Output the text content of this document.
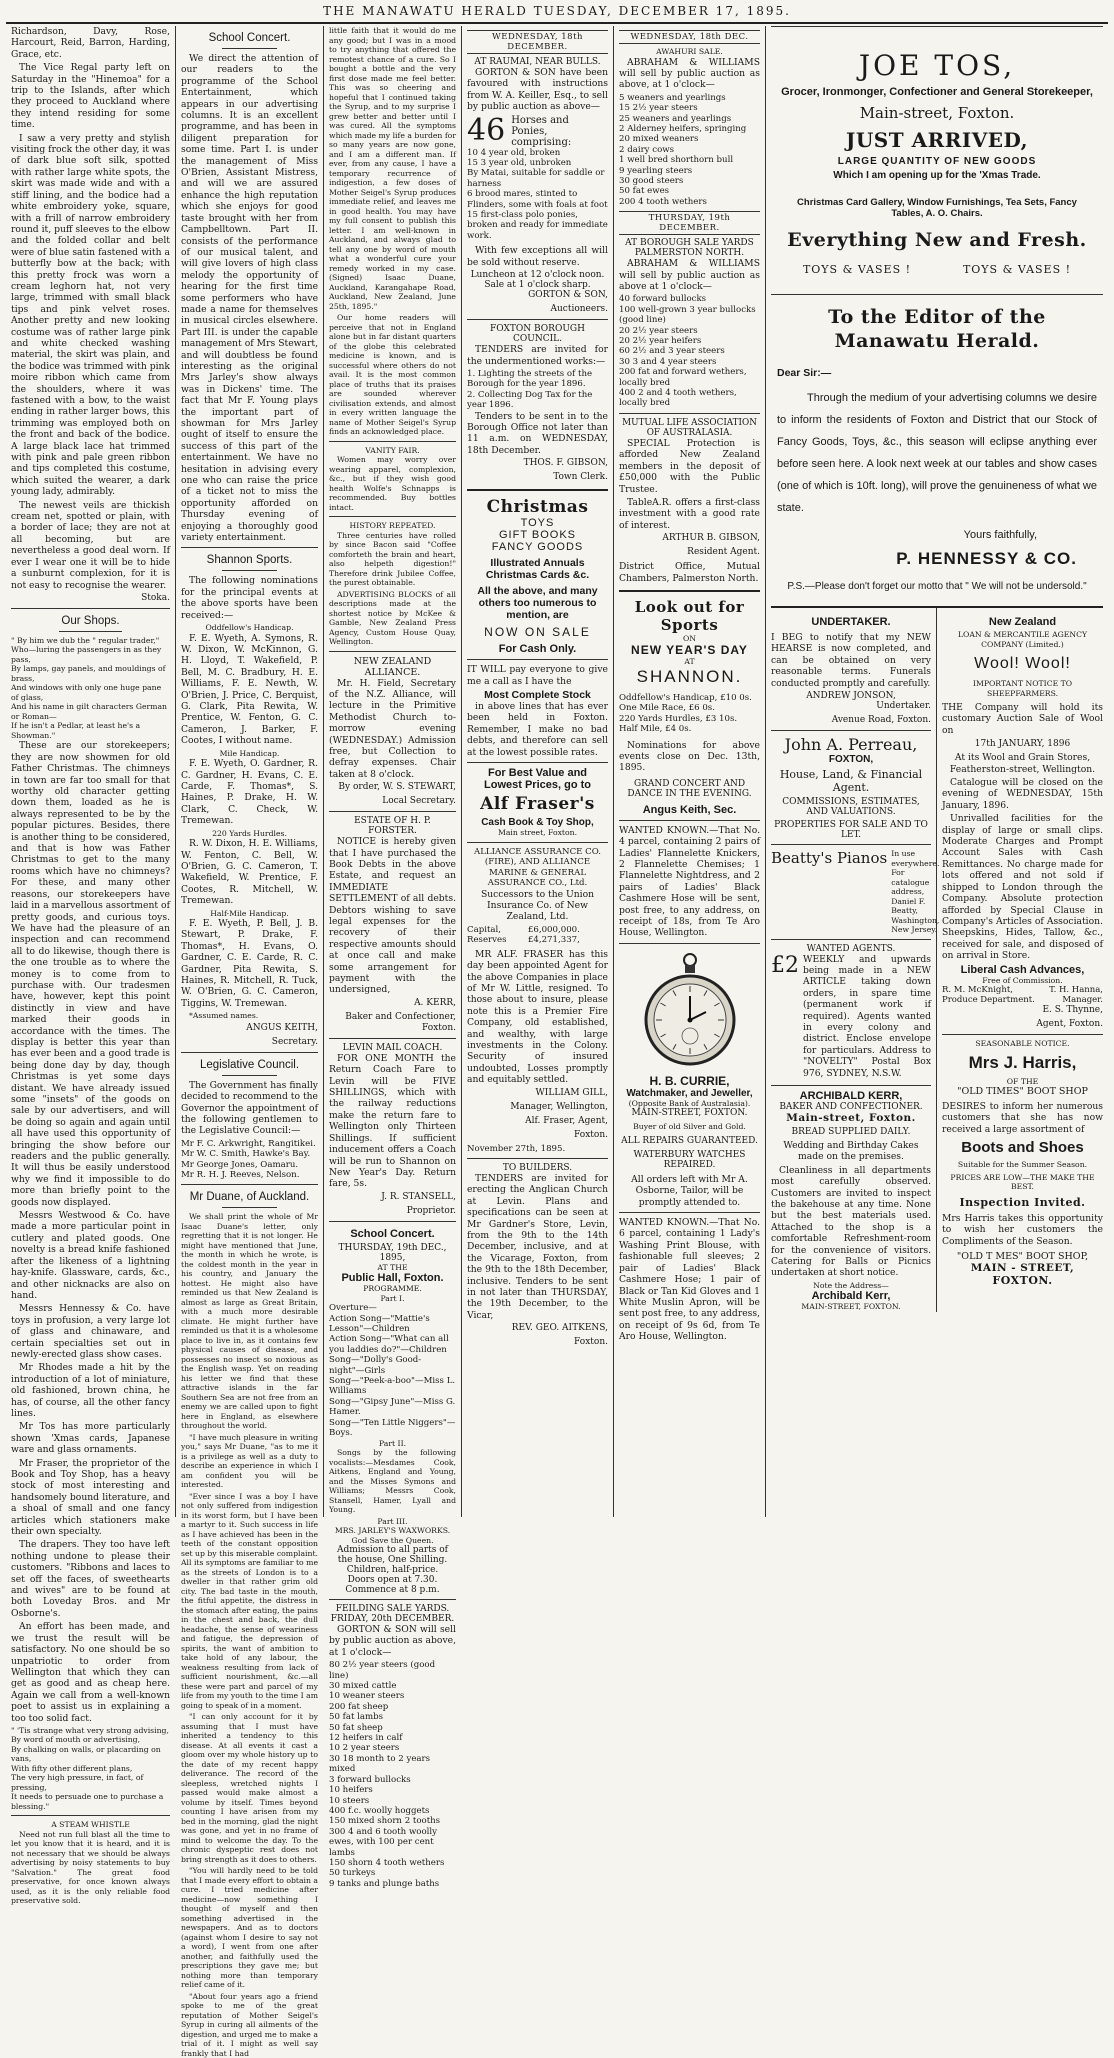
THE MANAWATU HERALD TUESDAY, DECEMBER 17, 1895.

Richardson, Davy, Rose, Harcourt, Reid, Barron, Harding, Grace, etc.

The Vice Regal party left on Saturday in the "Hinemoa" for a trip to the Islands, after which they proceed to Auckland where they intend residing for some time.

I saw a very pretty and stylish visiting frock the other day, it was of dark blue soft silk, spotted with rather large white spots, the skirt was made wide and with a stiff lining, and the bodice had a white embroidery yoke, square, with a frill of narrow embroidery round it, puff sleeves to the elbow and the folded collar and belt were of blue satin fastened with a butterfly bow at the back; with this pretty frock was worn a cream leghorn hat, not very large, trimmed with small black tips and pink velvet roses. Another pretty and new looking costume was of rather large pink and white checked washing material, the skirt was plain, and the bodice was trimmed with pink moire ribbon which came from the shoulders, where it was fastened with a bow, to the waist ending in rather larger bows, this trimming was employed both on the front and back of the bodice. A large black lace hat trimmed with pink and pale green ribbon and tips completed this costume, which suited the wearer, a dark young lady, admirably.

The newest veils are thickish cream net, spotted or plain, with a border of lace; they are not at all becoming, but are nevertheless a good deal worn. If ever I wear one it will be to hide a sunburnt complexion, for it is not easy to recognise the wearer.

Stoka.
Our Shops.
" By him we dub the " regular trader,"
Who—luring the passengers in as they pass,
By lamps, gay panels, and mouldings of brass,
And windows with only one huge pane of glass,
And his name in gilt characters German or Roman—
If he isn't a Pedlar, at least he's a Showman."

These are our storekeepers; they are now showmen for old Father Christmas. The chimneys in town are far too small for that worthy old character getting down them, loaded as he is always represented to be by the popular pictures. Besides, there is another thing to be considered, and that is how was Father Christmas to get to the many rooms which have no chimneys? For these, and many other reasons, our storekeepers have laid in a marvellous assortment of pretty goods, and curious toys. We have had the pleasure of an inspection and can recommend all to do likewise, though there is the one trouble as to where the money is to come from to purchase with. Our tradesmen have, however, kept this point distinctly in view and have marked their goods in accordance with the times. The display is better this year than has ever been and a good trade is being done day by day, though Christmas is yet some days distant. We have already issued some "insets" of the goods on sale by our advertisers, and will be doing so again and again until all have used this opportunity of bringing the show before our readers and the public generally. It will thus be easily understood why we find it impossible to do more than briefly point to the goods now displayed.

Messrs Westwood & Co. have made a more particular point in cutlery and plated goods. One novelty is a bread knife fashioned after the likeness of a lightning hay-knife. Glassware, cards, &c., and other nicknacks are also on hand.

Messrs Hennessy & Co. have toys in profusion, a very large lot of glass and chinaware, and certain specialties set out in newly-erected glass show cases.

Mr Rhodes made a hit by the introduction of a lot of miniature, old fashioned, brown china, he has, of course, all the other fancy lines.

Mr Tos has more particularly shown 'Xmas cards, Japanese ware and glass ornaments.

Mr Fraser, the proprietor of the Book and Toy Shop, has a heavy stock of most interesting and handsomely bound literature, and a shoal of small and one fancy articles which stationers make their own specialty.

The drapers. They too have left nothing undone to please their customers. "Ribbons and laces to set off the faces, of sweethearts and wives" are to be found at both Loveday Bros. and Mr Osborne's.

An effort has been made, and we trust the result will be satisfactory. No one should be so unpatriotic to order from Wellington that which they can get as good and as cheap here. Again we call from a well-known poet to assist us in explaining a too too solid fact.

" 'Tis strange what very strong advising,
By word of mouth or advertising,
By chalking on walls, or placarding on vans,
With fifty other different plans,
The very high pressure, in fact, of pressing,
It needs to persuade one to purchase a blessing."
A STEAM WHISTLE

Need not run full blast all the time to let you know that it is heard, and it is not necessary that we should be always advertising by noisy statements to buy "Salvation." The great food preservative, for once known always used, as it is the only reliable food preservative sold.

School Concert.

We direct the attention of our readers to the programme of the School Entertainment, which appears in our advertising columns. It is an excellent programme, and has been in diligent preparation for some time. Part I. is under the management of Miss O'Brien, Assistant Mistress, and will we are assured enhance the high reputation which she enjoys for good taste brought with her from Campbelltown. Part II. consists of the performance of our musical talent, and will give lovers of high class melody the opportunity of hearing for the first time some performers who have made a name for themselves in musical circles elsewhere. Part III. is under the capable management of Mrs Stewart, and will doubtless be found interesting as the original Mrs Jarley's show always was in Dickens' time. The fact that Mr F. Young plays the important part of showman for Mrs Jarley ought of itself to ensure the success of this part of the entertainment. We have no hesitation in advising every one who can raise the price of a ticket not to miss the opportunity afforded on Thursday evening of enjoying a thoroughly good variety entertainment.

Shannon Sports.

The following nominations for the principal events at the above sports have been received:—

Oddfellow's Handicap.

F. E. Wyeth, A. Symons, R. W. Dixon, W. McKinnon, G. H. Lloyd, T. Wakefield, P. Bell, M. C. Bradbury, H. E. Williams, F. E. Newth, W. O'Brien, J. Price, C. Berquist, G. Clark, Pita Rewita, W. Prentice, W. Fenton, G. C. Cameron, J. Barker, F. Cootes, I without name.

Mile Handicap.

F. E. Wyeth, O. Gardner, R. C. Gardner, H. Evans, C. E. Carde, F. Thomas*, S. Haines, P. Drake, H. W. Clark, C. Check, W. Tremewan.

220 Yards Hurdles.

R. W. Dixon, H. E. Williams, W. Fenton, C. Bell, W. O'Brien, G. C. Cameron, T. Wakefield, W. Prentice, F. Cootes, R. Mitchell, W. Tremewan.

Half-Mile Handicap.

F. E. Wyeth, P. Bell, J. B. Stewart, P. Drake, F. Thomas*, H. Evans, O. Gardner, C. E. Carde, R. C. Gardner, Pita Rewita, S. Haines, R. Mitchell, R. Tuck, W. O'Brien, G. C. Cameron, Tiggins, W. Tremewan.

*Assumed names.

ANGUS KEITH,
Secretary.
Legislative Council.

The Government has finally decided to recommend to the Governor the appointment of the following gentlemen to the Legislative Council:—

Mr F. C. Arkwright, Rangitikei.

Mr W. C. Smith, Hawke's Bay.

Mr George Jones, Oamaru.

Mr R. H. J. Reeves, Nelson.

Mr Duane, of Auckland.

We shall print the whole of Mr Isaac Duane's letter, only regretting that it is not longer. He might have mentioned that June, the month in which he wrote, is the coldest month in the year in his country, and January the hottest. He might also have reminded us that New Zealand is almost as large as Great Britain, with a much more desirable climate. He might further have reminded us that it is a wholesome place to live in, as it contains few physical causes of disease, and possesses no insect so noxious as the English wasp. Yet on reading his letter we find that these attractive islands in the far Southern Sea are not free from an enemy we are called upon to fight here in England, as elsewhere throughout the world.

"I have much pleasure in writing you," says Mr Duane, "as to me it is a privilege as well as a duty to describe an experience in which I am confident you will be interested.

"Ever since I was a boy I have not only suffered from indigestion in its worst form, but I have been a martyr to it. Such success in life as I have achieved has been in the teeth of the constant opposition set up by this miserable complaint. All its symptoms are familiar to me as the streets of London is to a dweller in that rather grim old city. The bad taste in the mouth, the fitful appetite, the distress in the stomach after eating, the pains in the chest and back, the dull headache, the sense of weariness and fatigue, the depression of spirits, the want of ambition to take hold of any labour, the weakness resulting from lack of sufficient nourishment, &c.—all these were part and parcel of my life from my youth to the time I am going to speak of in a moment.

"I can only account for it by assuming that I must have inherited a tendency to this disease. At all events it cast a gloom over my whole history up to the date of my recent happy deliverance. The record of the sleepless, wretched nights I passed would make almost a volume by itself. Times beyond counting I have arisen from my bed in the morning, glad the night was gone, and yet in no frame of mind to welcome the day. To the chronic dyspeptic rest does not bring strength as it does to others.

"You will hardly need to be told that I made every effort to obtain a cure. I tried medicine after medicine—now something I thought of myself and then something advertised in the newspapers. And as to doctors (against whom I desire to say not a word), I went from one after another, and faithfully used the prescriptions they gave me; but nothing more than temporary relief came of it.

"About four years ago a friend spoke to me of the great reputation of Mother Seigel's Syrup in curing all ailments of the digestion, and urged me to make a trial of it. I might as well say frankly that I had

little faith that it would do me any good; but I was in a mood to try anything that offered the remotest chance of a cure. So I bought a bottle and the very first dose made me feel better. This was so cheering and hopeful that I continued taking the Syrup, and to my surprise I grew better and better until I was cured. All the symptoms which made my life a burden for so many years are now gone, and I am a different man. If ever, from any cause, I have a temporary recurrence of indigestion, a few doses of Mother Seigel's Syrup produces immediate relief, and leaves me in good health. You may have my full consent to publish this letter. I am well-known in Auckland, and always glad to tell any one by word of mouth what a wonderful cure your remedy worked in my case. (Signed) Isaac Duane, Auckland, Karangahape Road, Auckland, New Zealand, June 25th, 1895."

Our home readers will perceive that not in England alone but in far distant quarters of the globe this celebrated medicine is known, and is successful where others do not avail. It is the most common place of truths that its praises are sounded wherever civilisation extends, and almost in every written language the name of Mother Seigel's Syrup finds an acknowledged place.

VANITY FAIR.

Women may worry over wearing apparel, complexion, &c., but if they wish good health Wolfe's Schnapps is recommended. Buy bottles intact.

HISTORY REPEATED.

Three centuries have rolled by since Bacon said "Coffee comforteth the brain and heart, also helpeth digestion!" Therefore drink Jubilee Coffee, the purest obtainable.

ADVERTISING BLOCKS of all descriptions made at the shortest notice by McKee & Gamble, New Zealand Press Agency, Custom House Quay, Wellington.

NEW ZEALAND ALLIANCE.

Mr. H. Field, Secretary of the N.Z. Alliance, will lecture in the Primitive Methodist Church to-morrow evening (WEDNESDAY.) Admission free, but Collection to defray expenses. Chair taken at 8 o'clock.

By order, W. S. STEWART,
Local Secretary.
ESTATE OF H. P. FORSTER.

NOTICE is hereby given that I have purchased the Book Debts in the above Estate, and request an IMMEDIATE SETTLEMENT of all debts. Debtors wishing to save legal expenses for the recovery of their respective amounts should at once call and make some arrangement for payment with the undersigned,

A. KERR,
Baker and Confectioner, Foxton.
LEVIN MAIL COACH.

FOR ONE MONTH the Return Coach Fare to Levin will be FIVE SHILLINGS, which with the railway reductions make the return fare to Wellington only Thirteen Shillings. If sufficient inducement offers a Coach will be run to Shannon on New Year's Day. Return fare, 5s.

J. R. STANSELL,
Proprietor.
School Concert.
THURSDAY, 19th DEC., 1895,
AT THE
Public Hall, Foxton.
PROGRAMME.
Part I.

Overture—

Action Song—"Mattie's Lesson"—Children

Action Song—"What can all you laddies do?"—Children

Song—"Dolly's Good-night"—Girls

Song—"Peek-a-boo"—Miss L. Williams

Song—"Gipsy June"—Miss G. Hamer.

Song—"Ten Little Niggers"—Boys.

Part II.

Songs by the following vocalists:—Mesdames Cook, Aitkens, England and Young, and the Misses Symons and Williams; Messrs Cook, Stansell, Hamer, Lyall and Young.

Part III.
MRS. JARLEY'S WAXWORKS.
God Save the Queen.
Admission to all parts of the house, One Shilling.
Children, half-price.
Doors open at 7.30. Commence at 8 p.m.
FEILDING SALE YARDS.
FRIDAY, 20th DECEMBER.

GORTON & SON will sell by public auction as above, at 1 o'clock—

80 2½ year steers (good line)

30 mixed cattle

10 weaner steers

200 fat sheep

50 fat lambs

50 fat sheep

12 heifers in calf

10 2 year steers

30 18 month to 2 years mixed

3 forward bullocks

10 heifers

10 steers

400 f.c. woolly hoggets

150 mixed shorn 2 tooths

300 4 and 6 tooth woolly ewes, with 100 per cent lambs

150 shorn 4 tooth wethers

50 turkeys

9 tanks and plunge baths

WEDNESDAY, 18th DECEMBER.
AT RAUMAI, NEAR BULLS.

GORTON & SON have been favoured with instructions from W. A. Keiller, Esq., to sell by public auction as above—

46 Horses and Ponies, comprising:

10 4 year old, broken

15 3 year old, unbroken

By Matai, suitable for saddle or harness

6 brood mares, stinted to Flinders, some with foals at foot

15 first-class polo ponies, broken and ready for immediate work.

With few exceptions all will be sold without reserve.

Luncheon at 12 o'clock noon.
Sale at 1 o'clock sharp.
GORTON & SON,
Auctioneers.
FOXTON BOROUGH COUNCIL.

TENDERS are invited for the undermentioned works:—

1. Lighting the streets of the Borough for the year 1896.

2. Collecting Dog Tax for the year 1896.

Tenders to be sent in to the Borough Office not later than 11 a.m. on WEDNESDAY, 18th December.

THOS. F. GIBSON,
Town Clerk.
Christmas
TOYS
GIFT BOOKS
FANCY GOODS
Illustrated Annuals Christmas Cards &c.
All the above, and many others too numerous to mention, are
NOW ON SALE
For Cash Only.

IT WILL pay everyone to give me a call as I have the

Most Complete Stock

in above lines that has ever been held in Foxton. Remember, I make no bad debts, and therefore can sell at the lowest possible rates.

For Best Value and
Lowest Prices, go to
Alf Fraser's
Cash Book & Toy Shop,
Main street, Foxton.
ALLIANCE ASSURANCE CO. (FIRE), AND ALLIANCE MARINE & GENERAL ASSURANCE CO., Ltd.

Successors to the Union Insurance Co. of New Zealand, Ltd.

Capital,	£6,000,000.
Reserves	£4,271,337,

MR ALF. FRASER has this day been appointed Agent for the above Companies in place of Mr W. Little, resigned. To those about to insure, please note this is a Premier Fire Company, old established, and wealthy, with large investments in the Colony. Security of insured undoubted, Losses promptly and equitably settled.

WILLIAM GILL,
Manager, Wellington,
Alf. Fraser, Agent,
Foxton.
November 27th, 1895.
TO BUILDERS.

TENDERS are invited for erecting the Anglican Church at Levin. Plans and specifications can be seen at Mr Gardner's Store, Levin, from the 9th to the 14th December, inclusive, and at the Vicarage, Foxton, from the 9th to the 18th December, inclusive. Tenders to be sent in not later than THURSDAY, the 19th December, to the Vicar,

REV. GEO. AITKENS,
Foxton.
WEDNESDAY, 18th DEC.
AWAHURI SALE.

ABRAHAM & WILLIAMS will sell by public auction as above, at 1 o'clock—

5 weaners and yearlings

15 2½ year steers

25 weaners and yearlings

2 Alderney heifers, springing

20 mixed weaners

2 dairy cows

1 well bred shorthorn bull

9 yearling steers

30 good steers

50 fat ewes

200 4 tooth wethers

THURSDAY, 19th DECEMBER.
AT BOROUGH SALE YARDS PALMERSTON NORTH.

ABRAHAM & WILLIAMS will sell by public auction as above at 1 o'clock—

40 forward bullocks

100 well-grown 3 year bullocks (good line)

20 2½ year steers

20 2½ year heifers

60 2½ and 3 year steers

30 3 and 4 year steers

200 fat and forward wethers, locally bred

400 2 and 4 tooth wethers, locally bred

MUTUAL LIFE ASSOCIATION OF AUSTRALASIA.

SPECIAL Protection is afforded New Zealand members in the deposit of £50,000 with the Public Trustee.

TableA.R. offers a first-class investment with a good rate of interest.

ARTHUR B. GIBSON,
Resident Agent.

District Office, Mutual Chambers, Palmerston North.

Look out for Sports
ON
NEW YEAR'S DAY
AT
SHANNON.

Oddfellow's Handicap, £10 0s.

One Mile Race, £6 0s.

220 Yards Hurdles, £3 10s.

Half Mile, £4 0s.

Nominations for above events close on Dec. 13th, 1895.

GRAND CONCERT AND DANCE IN THE EVENING.
Angus Keith, Sec.

WANTED KNOWN.—That No. 4 parcel, containing 2 pairs of Ladies' Flannelette Knickers, 2 Flannelette Chemises; 1 Flannelette Nightdress, and 2 pairs of Ladies' Black Cashmere Hose will be sent, post free, to any address, on receipt of 18s, from Te Aro House, Wellington.

H. B. CURRIE,
Watchmaker, and Jeweller,
(Opposite Bank of Australasia).
MAIN-STREET, FOXTON.
Buyer of old Silver and Gold.
ALL REPAIRS GUARANTEED.
WATERBURY WATCHES REPAIRED.

All orders left with Mr A. Osborne, Tailor, will be promptly attended to.

WANTED KNOWN.—That No. 6 parcel, containing 1 Lady's Washing Print Blouse, with fashionable full sleeves; 2 pair of Ladies' Black Cashmere Hose; 1 pair of Black or Tan Kid Gloves and 1 White Muslin Apron, will be sent post free, to any address, on receipt of 9s 6d, from Te Aro House, Wellington.

JOE TOS,
Grocer, Ironmonger, Confectioner and General Storekeeper,
Main-street, Foxton.
JUST ARRIVED,
LARGE QUANTITY OF NEW GOODS
Which I am opening up for the 'Xmas Trade.
Christmas Card Gallery, Window Furnishings, Tea Sets, Fancy Tables, A. O. Chairs.
Everything New and Fresh.
TOYS & VASES !	TOYS & VASES !
To the Editor of the Manawatu Herald.
Dear Sir:—

Through the medium of your advertising columns we desire to inform the residents of Foxton and District that our Stock of Fancy Goods, Toys, &c., this season will eclipse anything ever before seen here. A look next week at our tables and show cases (one of which is 10ft. long), will prove the genuineness of what we state.

Yours faithfully,
P. HENNESSY & CO.
P.S.—Please don't forget our motto that " We will not be undersold."
UNDERTAKER.

I BEG to notify that my NEW HEARSE is now completed, and can be obtained on very reasonable terms. Funerals conducted promptly and carefully.

ANDREW JONSON,
Undertaker.
Avenue Road, Foxton.
John A. Perreau,
FOXTON,
House, Land, & Financial Agent.
COMMISSIONS, ESTIMATES, AND VALUATIONS.
PROPERTIES FOR SALE AND TO LET.
Beatty's Pianos In use everywhere. For catalogue address, Daniel F. Beatty, Washington, New Jersey.
WANTED AGENTS.
£2 WEEKLY and upwards being made in a NEW ARTICLE taking down orders, in spare time (permanent work if required). Agents wanted in every colony and district. Enclose envelope for particulars. Address to "NOVELTY" Postal Box 976, SYDNEY, N.S.W.
ARCHIBALD KERR,
BAKER AND CONFECTIONER.
Main-street, Foxton.
BREAD SUPPLIED DAILY.

Wedding and Birthday Cakes made on the premises.

Cleanliness in all departments most carefully observed. Customers are invited to inspect the bakehouse at any time. None but the best materials used. Attached to the shop is a comfortable Refreshment-room for the convenience of visitors. Catering for Balls or Picnics undertaken at short notice.

Note the Address—
Archibald Kerr,
MAIN-STREET, FOXTON.
New Zealand
LOAN & MERCANTILE AGENCY COMPANY (Limited.)
Wool! Wool!
IMPORTANT NOTICE TO SHEEPFARMERS.

THE Company will hold its customary Auction Sale of Wool on

17th JANUARY, 1896

At its Wool and Grain Stores, Featherston-street, Wellington.

Catalogue will be closed on the evening of WEDNESDAY, 15th January, 1896.

Unrivalled facilities for the display of large or small clips. Moderate Charges and Prompt Account Sales with Cash Remittances. No charge made for lots offered and not sold if shipped to London through the Company. Absolute protection afforded by Special Clause in Company's Articles of Association. Sheepskins, Hides, Tallow, &c., received for sale, and disposed of on arrival in Store.

Liberal Cash Advances,
Free of Commission.
R. M. McKnight,	T. H. Hanna,
Produce Department.	Manager.
E. S. Thynne,
Agent, Foxton.
SEASONABLE NOTICE.
Mrs J. Harris,
OF THE
"OLD TIMES" BOOT SHOP

DESIRES to inform her numerous customers that she has now received a large assortment of

Boots and Shoes
Suitable for the Summer Season.
PRICES ARE LOW—THE MAKE THE BEST.
Inspection Invited.

Mrs Harris takes this opportunity to wish her customers the Compliments of the Season.

"OLD T MES" BOOT SHOP,
MAIN - STREET,
FOXTON.
